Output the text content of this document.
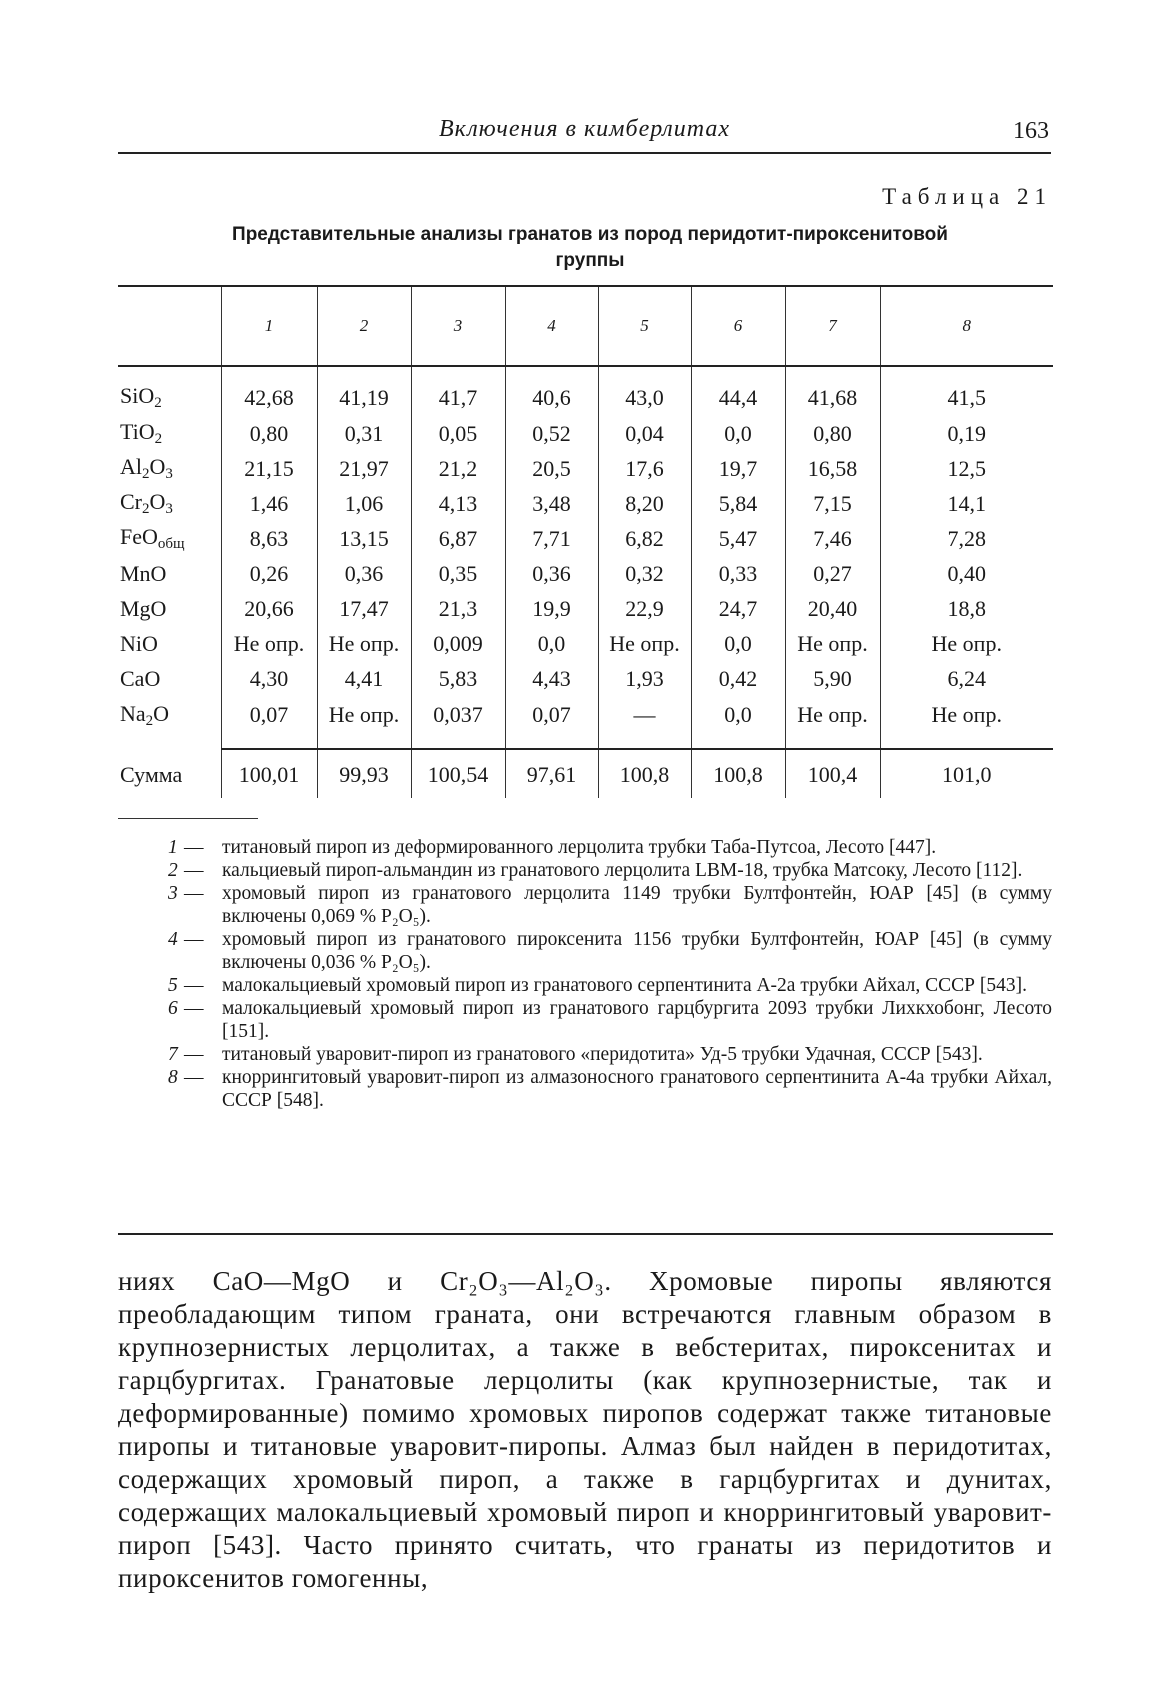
Включения в кимберлитах	163
Таблица 21
Представительные анализы гранатов из пород перидотит-пироксенитовой
группы
	1	2	3	4	5	6	7	8
SiO$_2$	42,68	41,19	41,7	40,6	43,0	44,4	41,68	41,5
TiO$_2$	0,80	0,31	0,05	0,52	0,04	0,0	0,80	0,19
$Al_2O_3$	21,15	21,97	21,2	20,5	17,6	19,7	16,58	12,5
$Cr_2O_3$	1,46	1,06	4,13	3,48	8,20	5,84	7,15	14,1
FeO$_{общ}$	8,63	13,15	6,87	7,71	6,82	5,47	7,46	7,28
MnO	0,26	0,36	0,35	0,36	0,32	0,33	0,27	0,40
MgO	20,66	17,47	21,3	19,9	22,9	24,7	20,40	18,8
NiO	Не опр.	Не опр.	0,009	0,0	Не опр.	0,0	Не опр.	Не опр.
CaO	4,30	4,41	5,83	4,43	1,93	0,42	5,90	6,24
$Na_2O$	0,07	Не опр.	0,037	0,07	—	0,0	Не опр.	Не опр.
Сумма	100,01	99,93	100,54	97,61	100,8	100,8	100,4	101,0

1 — титановый пироп из деформированного лерцолита трубки Таба-Путсоа, Лесото [447].

2 — кальциевый пироп-альмандин из гранатового лерцолита LBM-18, трубка Матсоку, Лесото [112].

3 — хромовый пироп из гранатового лерцолита 1149 трубки Бултфонтейн, ЮАР [45] (в сумму включены 0,069 % P₂O₅).

4 — хромовый пироп из гранатового пироксенита 1156 трубки Бултфонтейн, ЮАР [45] (в сумму включены 0,036 % P₂O₅).

5 — малокальциевый хромовый пироп из гранатового серпентинита А-2а трубки Айхал, СССР [543].

6 — малокальциевый хромовый пироп из гранатового гарцбургита 2093 трубки Лихкхобонг, Лесото [151].

7 — титановый уваровит-пироп из гранатового «перидотита» Уд-5 трубки Удачная, СССР [543].

8 — кноррингитовый уваровит-пироп из алмазоносного гранатового серпентинита А-4а трубки Айхал, СССР [548].

ниях CaO—MgO и Cr₂O₃—Al₂O₃. Хромовые пиропы являются преобладающим типом граната, они встречаются главным образом в крупнозернистых лерцолитах, а также в вебстеритах, пироксенитах и гарцбургитах. Гранатовые лерцолиты (как крупнозернистые, так и деформированные) помимо хромовых пиропов содержат также титановые пиропы и титановые уваровит-пиропы. Алмаз был найден в перидотитах, содержащих хромовый пироп, а также в гарцбургитах и дунитах, содержащих малокальциевый хромовый пироп и кноррингитовый уваровит-пироп [543]. Часто принято считать, что гранаты из перидотитов и пироксенитов гомогенны,
